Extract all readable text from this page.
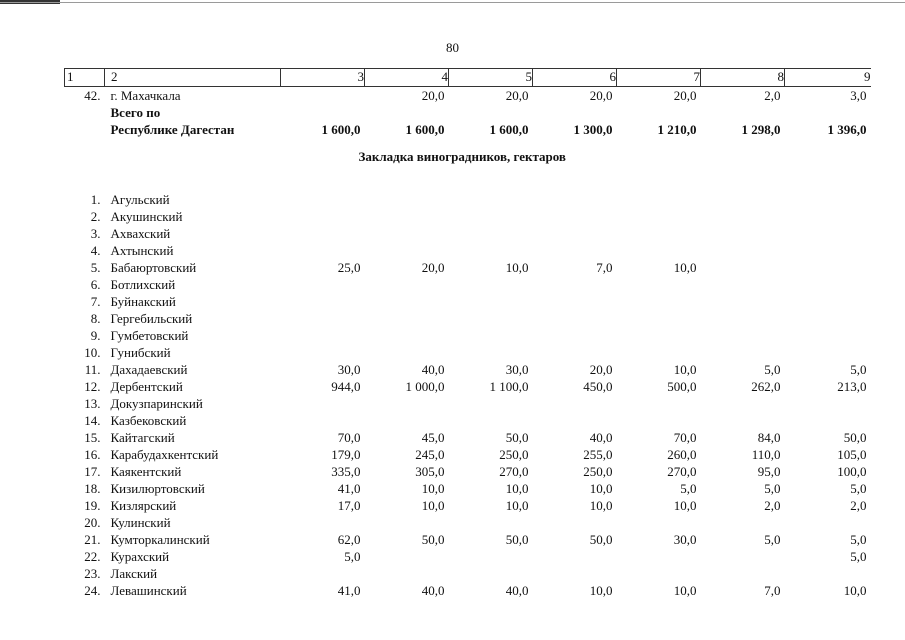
80
1	2	3	4	5	6	7	8	9
42.	г. Махачкала		20,0	20,0	20,0	20,0	2,0	3,0
	Всего по							
	Республике Дагестан	1 600,0	1 600,0	1 600,0	1 300,0	1 210,0	1 298,0	1 396,0
Закладка виноградников, гектаров								
1.	Агульский							
2.	Акушинский							
3.	Ахвахский							
4.	Ахтынский							
5.	Бабаюртовский	25,0	20,0	10,0	7,0	10,0		
6.	Ботлихский							
7.	Буйнакский							
8.	Гергебильский							
9.	Гумбетовский							
10.	Гунибский							
11.	Дахадаевский	30,0	40,0	30,0	20,0	10,0	5,0	5,0
12.	Дербентский	944,0	1 000,0	1 100,0	450,0	500,0	262,0	213,0
13.	Докузпаринский							
14.	Казбековский							
15.	Кайтагский	70,0	45,0	50,0	40,0	70,0	84,0	50,0
16.	Карабудахкентский	179,0	245,0	250,0	255,0	260,0	110,0	105,0
17.	Каякентский	335,0	305,0	270,0	250,0	270,0	95,0	100,0
18.	Кизилюртовский	41,0	10,0	10,0	10,0	5,0	5,0	5,0
19.	Кизлярский	17,0	10,0	10,0	10,0	10,0	2,0	2,0
20.	Кулинский							
21.	Кумторкалинский	62,0	50,0	50,0	50,0	30,0	5,0	5,0
22.	Курахский	5,0						5,0
23.	Лакский							
24.	Левашинский	41,0	40,0	40,0	10,0	10,0	7,0	10,0
